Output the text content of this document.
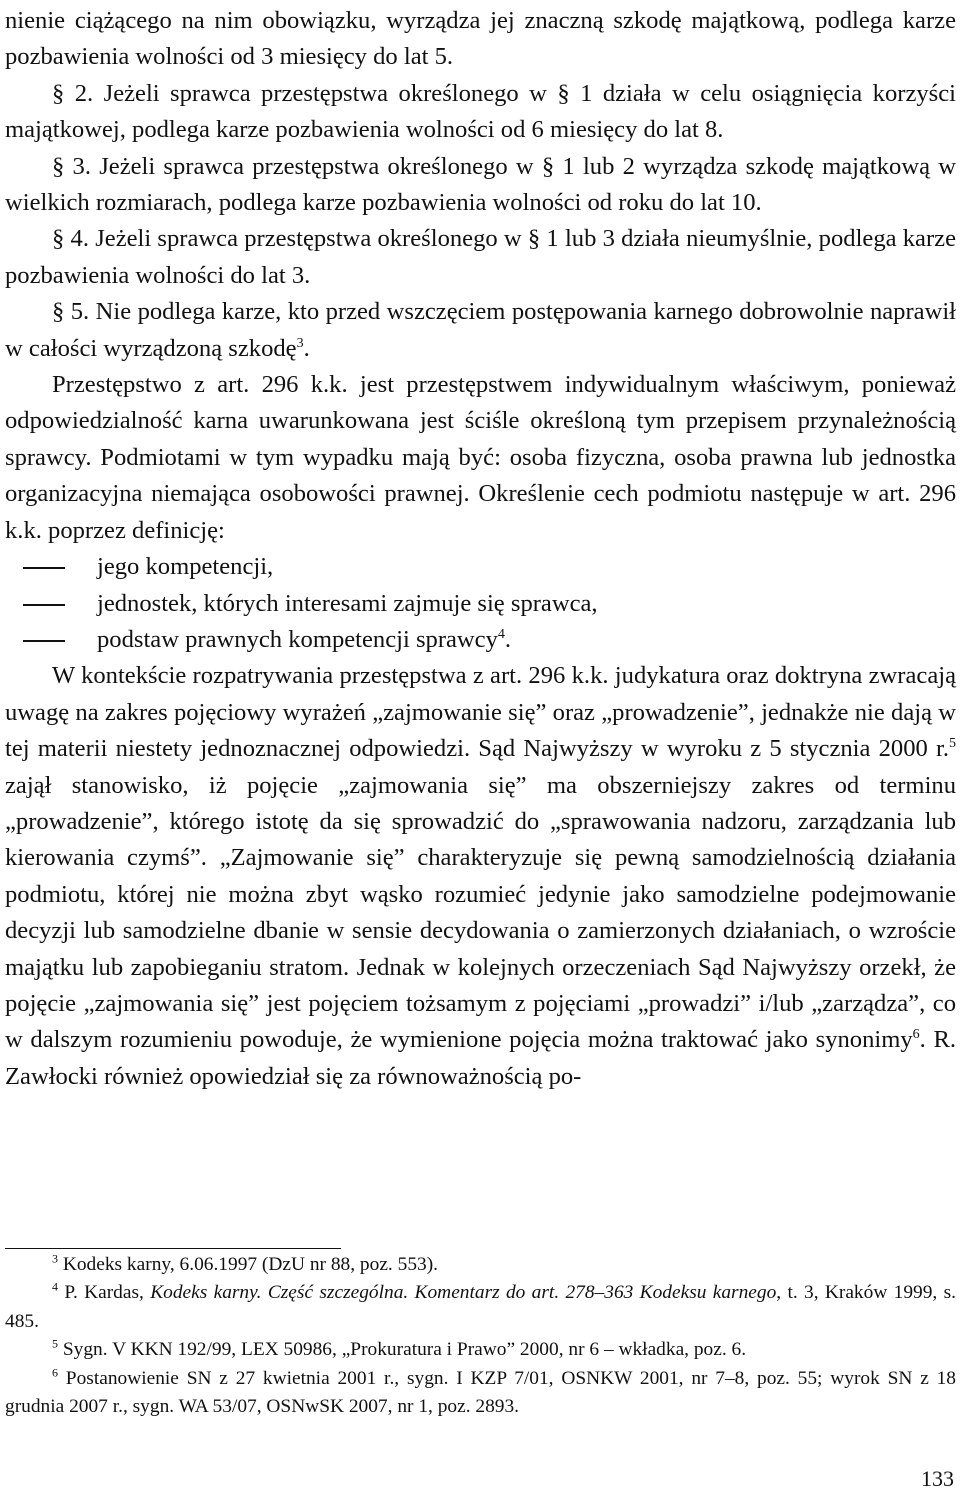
nienie ciążącego na nim obowiązku, wyrządza jej znaczną szkodę majątkową, podlega karze pozbawienia wolności od 3 miesięcy do lat 5.

§ 2. Jeżeli sprawca przestępstwa określonego w § 1 działa w celu osiągnięcia korzyści majątkowej, podlega karze pozbawienia wolności od 6 miesięcy do lat 8.

§ 3. Jeżeli sprawca przestępstwa określonego w § 1 lub 2 wyrządza szkodę majątkową w wielkich rozmiarach, podlega karze pozbawienia wolności od roku do lat 10.

§ 4. Jeżeli sprawca przestępstwa określonego w § 1 lub 3 działa nieumyślnie, podlega karze pozbawienia wolności do lat 3.

§ 5. Nie podlega karze, kto przed wszczęciem postępowania karnego dobrowolnie naprawił w całości wyrządzoną szkodę$^3$.

Przestępstwo z art. 296 k.k. jest przestępstwem indywidualnym właściwym, ponieważ odpowiedzialność karna uwarunkowana jest ściśle określoną tym przepisem przynależnością sprawcy. Podmiotami w tym wypadku mają być: osoba fizyczna, osoba prawna lub jednostka organizacyjna niemająca osobowości prawnej. Określenie cech podmiotu następuje w art. 296 k.k. poprzez definicję:

jego kompetencji,
jednostek, których interesami zajmuje się sprawca,
podstaw prawnych kompetencji sprawcy$^4$.

W kontekście rozpatrywania przestępstwa z art. 296 k.k. judykatura oraz doktryna zwracają uwagę na zakres pojęciowy wyrażeń „zajmowanie się” oraz „prowadzenie”, jednakże nie dają w tej materii niestety jednoznacznej odpowiedzi. Sąd Najwyższy w wyroku z 5 stycznia 2000 r.$^5$ zajął stanowisko, iż pojęcie „zajmowania się” ma obszerniejszy zakres od terminu „prowadzenie”, którego istotę da się sprowadzić do „sprawowania nadzoru, zarządzania lub kierowania czymś”. „Zajmowanie się” charakteryzuje się pewną samodzielnością działania podmiotu, której nie można zbyt wąsko rozumieć jedynie jako samodzielne podejmowanie decyzji lub samodzielne dbanie w sensie decydowania o zamierzonych działaniach, o wzroście majątku lub zapobieganiu stratom. Jednak w kolejnych orzeczeniach Sąd Najwyższy orzekł, że pojęcie „zajmowania się” jest pojęciem tożsamym z pojęciami „prowadzi” i/lub „zarządza”, co w dalszym rozumieniu powoduje, że wymienione pojęcia można traktować jako synonimy$^6$. R. Zawłocki również opowiedział się za równoważnością po-

$^3$ Kodeks karny, 6.06.1997 (DzU nr 88, poz. 553).

$^4$ P. Kardas, Kodeks karny. Część szczególna. Komentarz do art. 278–363 Kodeksu karnego, t. 3, Kraków 1999, s. 485.

$^5$ Sygn. V KKN 192/99, LEX 50986, „Prokuratura i Prawo” 2000, nr 6 – wkładka, poz. 6.

$^6$ Postanowienie SN z 27 kwietnia 2001 r., sygn. I KZP 7/01, OSNKW 2001, nr 7–8, poz. 55; wyrok SN z 18 grudnia 2007 r., sygn. WA 53/07, OSNwSK 2007, nr 1, poz. 2893.

133
